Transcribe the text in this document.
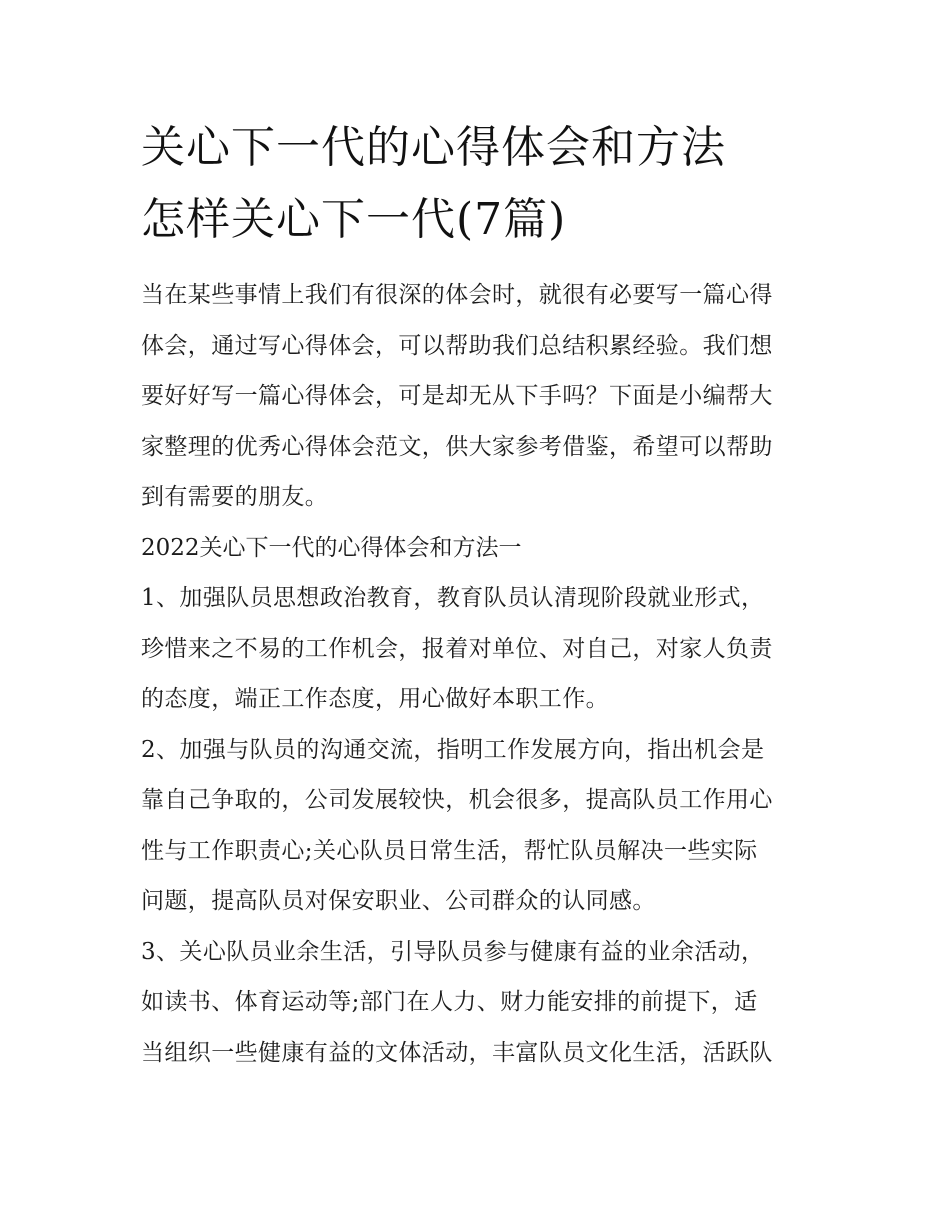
关心下一代的心得体会和方法
怎样关心下一代(7篇)

当在某些事情上我们有很深的体会时，就很有必要写一篇心得

体会，通过写心得体会，可以帮助我们总结积累经验。我们想

要好好写一篇心得体会，可是却无从下手吗？下面是小编帮大

家整理的优秀心得体会范文，供大家参考借鉴，希望可以帮助

到有需要的朋友。

2022关心下一代的心得体会和方法一

1、加强队员思想政治教育，教育队员认清现阶段就业形式，

珍惜来之不易的工作机会，报着对单位、对自己，对家人负责

的态度，端正工作态度，用心做好本职工作。

2、加强与队员的沟通交流，指明工作发展方向，指出机会是

靠自己争取的，公司发展较快，机会很多，提高队员工作用心

性与工作职责心;关心队员日常生活，帮忙队员解决一些实际

问题，提高队员对保安职业、公司群众的认同感。

3、关心队员业余生活，引导队员参与健康有益的业余活动，

如读书、体育运动等;部门在人力、财力能安排的前提下，适

当组织一些健康有益的文体活动，丰富队员文化生活，活跃队
